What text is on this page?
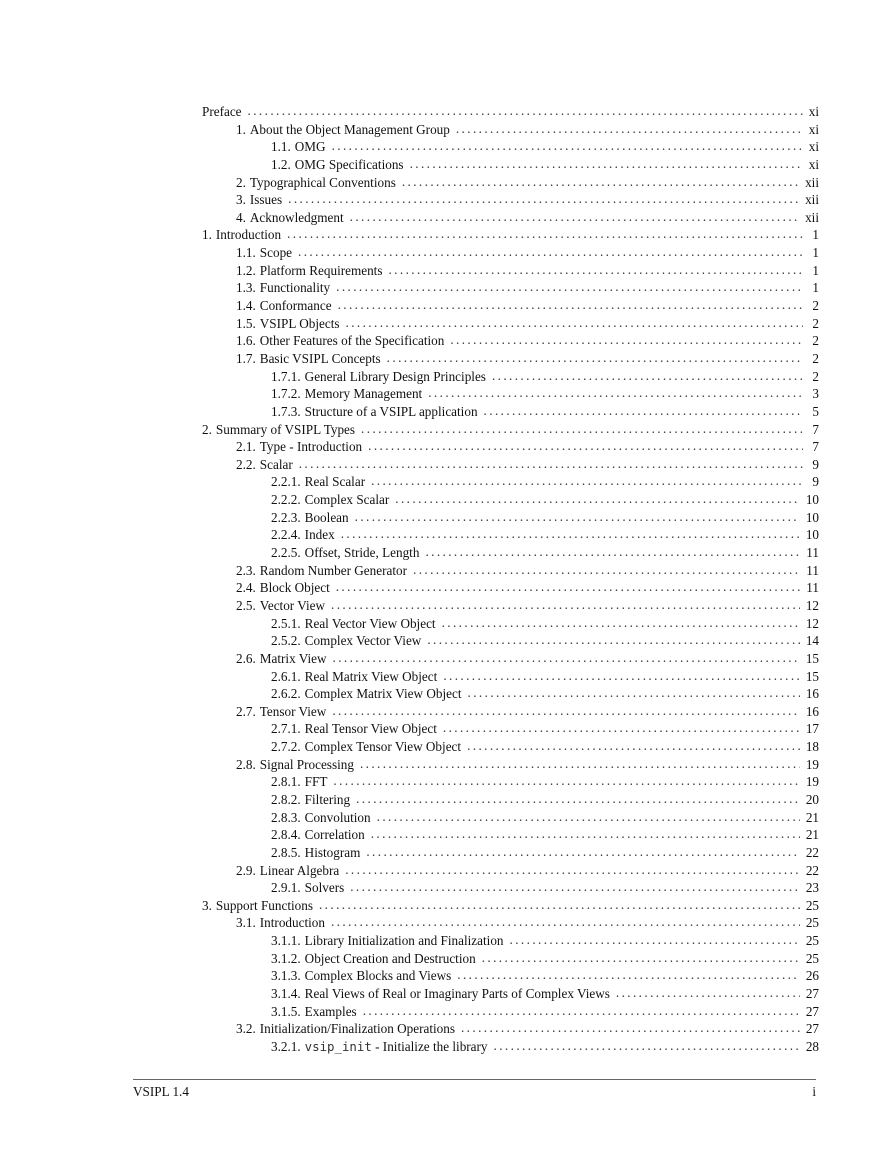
Preface .....	xi
1. About the Object Management Group .....	xi
1.1. OMG .....	xi
1.2. OMG Specifications .....	xi
2. Typographical Conventions .....	xii
3. Issues .....	xii
4. Acknowledgment .....	xii
1. Introduction .....	1
1.1. Scope .....	1
1.2. Platform Requirements .....	1
1.3. Functionality .....	1
1.4. Conformance .....	2
1.5. VSIPL Objects .....	2
1.6. Other Features of the Specification .....	2
1.7. Basic VSIPL Concepts .....	2
1.7.1. General Library Design Principles .....	2
1.7.2. Memory Management .....	3
1.7.3. Structure of a VSIPL application .....	5
2. Summary of VSIPL Types .....	7
2.1. Type - Introduction .....	7
2.2. Scalar .....	9
2.2.1. Real Scalar .....	9
2.2.2. Complex Scalar .....	10
2.2.3. Boolean .....	10
2.2.4. Index .....	10
2.2.5. Offset, Stride, Length .....	11
2.3. Random Number Generator .....	11
2.4. Block Object .....	11
2.5. Vector View .....	12
2.5.1. Real Vector View Object .....	12
2.5.2. Complex Vector View .....	14
2.6. Matrix View .....	15
2.6.1. Real Matrix View Object .....	15
2.6.2. Complex Matrix View Object .....	16
2.7. Tensor View .....	16
2.7.1. Real Tensor View Object .....	17
2.7.2. Complex Tensor View Object .....	18
2.8. Signal Processing .....	19
2.8.1. FFT .....	19
2.8.2. Filtering .....	20
2.8.3. Convolution .....	21
2.8.4. Correlation .....	21
2.8.5. Histogram .....	22
2.9. Linear Algebra .....	22
2.9.1. Solvers .....	23
3. Support Functions .....	25
3.1. Introduction .....	25
3.1.1. Library Initialization and Finalization .....	25
3.1.2. Object Creation and Destruction .....	25
3.1.3. Complex Blocks and Views .....	26
3.1.4. Real Views of Real or Imaginary Parts of Complex Views .....	27
3.1.5. Examples .....	27
3.2. Initialization/Finalization Operations .....	27
3.2.1. vsip_init - Initialize the library .....	28
VSIPL 1.4	i
